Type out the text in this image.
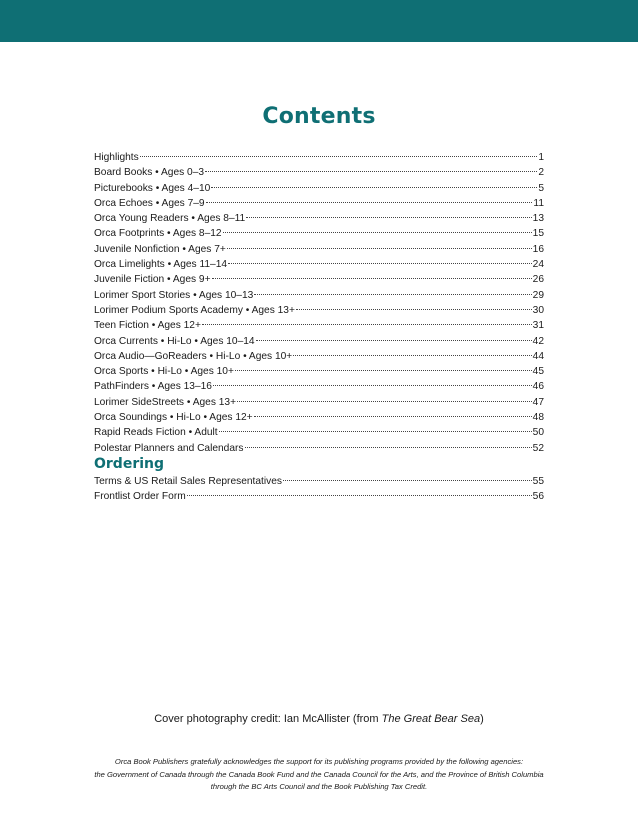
Contents
Highlights	1
Board Books • Ages 0–3	2
Picturebooks • Ages 4–10	5
Orca Echoes • Ages 7–9	11
Orca Young Readers • Ages 8–11	13
Orca Footprints • Ages 8–12	15
Juvenile Nonfiction • Ages 7+	16
Orca Limelights • Ages 11–14	24
Juvenile Fiction • Ages 9+	26
Lorimer Sport Stories • Ages 10–13	29
Lorimer Podium Sports Academy • Ages 13+	30
Teen Fiction • Ages 12+	31
Orca Currents • Hi-Lo • Ages 10–14	42
Orca Audio—GoReaders • Hi-Lo • Ages 10+	44
Orca Sports • Hi-Lo • Ages 10+	45
PathFinders • Ages 13–16	46
Lorimer SideStreets • Ages 13+	47
Orca Soundings • Hi-Lo • Ages 12+	48
Rapid Reads Fiction • Adult	50
Polestar Planners and Calendars	52
Ordering
Terms & US Retail Sales Representatives	55
Frontlist Order Form	56
Cover photography credit: Ian McAllister (from The Great Bear Sea)
Orca Book Publishers gratefully acknowledges the support for its publishing programs provided by the following agencies:
the Government of Canada through the Canada Book Fund and the Canada Council for the Arts, and the Province of British Columbia
through the BC Arts Council and the Book Publishing Tax Credit.
